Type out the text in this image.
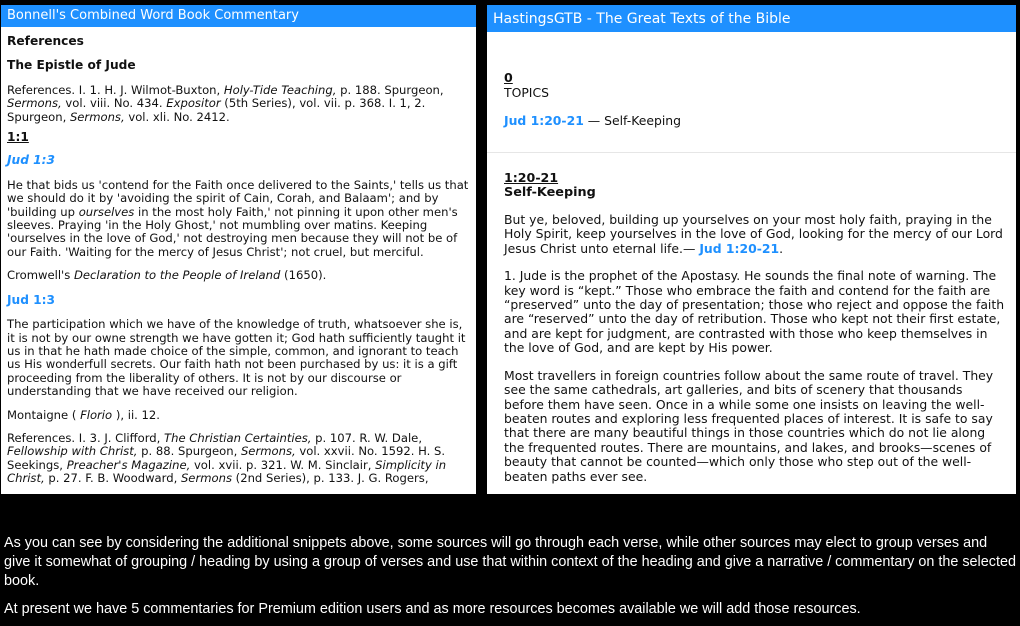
Bonnell's Combined Word Book Commentary

References

The Epistle of Jude

References. I. 1. H. J. Wilmot-Buxton, Holy-Tide Teaching, p. 188. Spurgeon, Sermons, vol. viii. No. 434. Expositor (5th Series), vol. vii. p. 368. I. 1, 2. Spurgeon, Sermons, vol. xli. No. 2412.

1:1

Jud 1:3

He that bids us 'contend for the Faith once delivered to the Saints,' tells us that we should do it by 'avoiding the spirit of Cain, Corah, and Balaam'; and by 'building up ourselves in the most holy Faith,' not pinning it upon other men's sleeves. Praying 'in the Holy Ghost,' not mumbling over matins. Keeping 'ourselves in the love of God,' not destroying men because they will not be of our Faith. 'Waiting for the mercy of Jesus Christ'; not cruel, but merciful.

Cromwell's Declaration to the People of Ireland (1650).

Jud 1:3

The participation which we have of the knowledge of truth, whatsoever she is, it is not by our owne strength we have gotten it; God hath sufficiently taught it us in that he hath made choice of the simple, common, and ignorant to teach us His wonderfull secrets. Our faith hath not been purchased by us: it is a gift proceeding from the liberality of others. It is not by our discourse or understanding that we have received our religion.

Montaigne ( Florio ), ii. 12.

References. I. 3. J. Clifford, The Christian Certainties, p. 107. R. W. Dale, Fellowship with Christ, p. 88. Spurgeon, Sermons, vol. xxvii. No. 1592. H. S. Seekings, Preacher's Magazine, vol. xvii. p. 321. W. M. Sinclair, Simplicity in Christ, p. 27. F. B. Woodward, Sermons (2nd Series), p. 133. J. G. Rogers,

HastingsGTB - The Great Texts of the Bible

0

TOPICS

Jud 1:20-21 — Self-Keeping

1:20-21

Self-Keeping

But ye, beloved, building up yourselves on your most holy faith, praying in the Holy Spirit, keep yourselves in the love of God, looking for the mercy of our Lord Jesus Christ unto eternal life.— Jud 1:20-21.

1. Jude is the prophet of the Apostasy. He sounds the final note of warning. The key word is “kept.” Those who embrace the faith and contend for the faith are “preserved” unto the day of presentation; those who reject and oppose the faith are “reserved” unto the day of retribution. Those who kept not their first estate, and are kept for judgment, are contrasted with those who keep themselves in the love of God, and are kept by His power.

Most travellers in foreign countries follow about the same route of travel. They see the same cathedrals, art galleries, and bits of scenery that thousands before them have seen. Once in a while some one insists on leaving the well-beaten routes and exploring less frequented places of interest. It is safe to say that there are many beautiful things in those countries which do not lie along the frequented routes. There are mountains, and lakes, and brooks—scenes of beauty that cannot be counted—which only those who step out of the well-beaten paths ever see.

As you can see by considering the additional snippets above, some sources will go through each verse, while other sources may elect to group verses and give it somewhat of grouping / heading by using a group of verses and use that within context of the heading and give a narrative / commentary on the selected book.

At present we have 5 commentaries for Premium edition users and as more resources becomes available we will add those resources.
